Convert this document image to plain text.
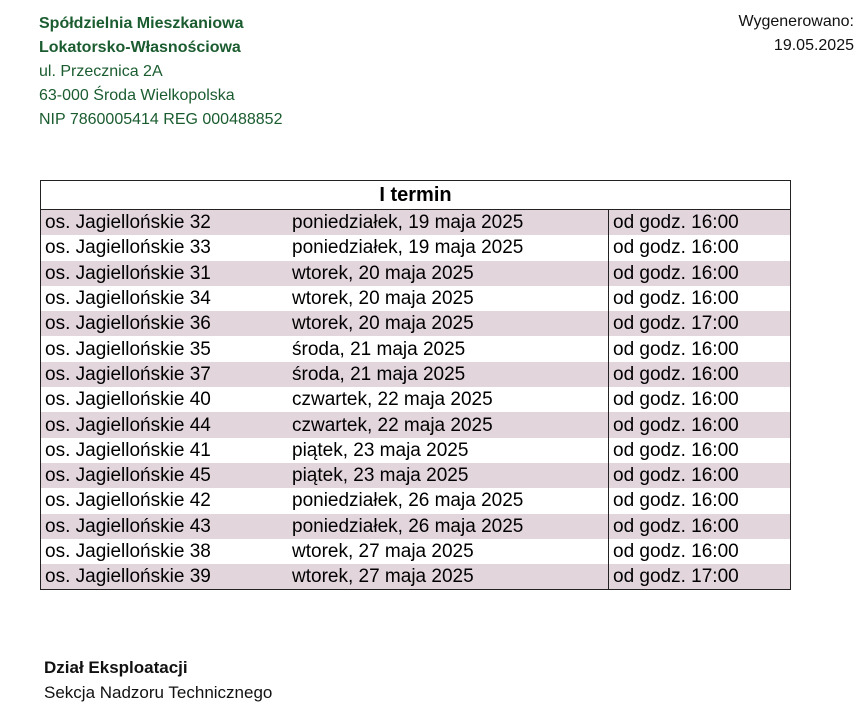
Spółdzielnia Mieszkaniowa
Lokatorsko-Własnościowa
ul. Przecznica 2A
63-000 Środa Wielkopolska
NIP 7860005414 REG 000488852
Wygenerowano:
19.05.2025
I termin		
os. Jagiellońskie 32	poniedziałek, 19 maja 2025	od godz. 16:00
os. Jagiellońskie 33	poniedziałek, 19 maja 2025	od godz. 16:00
os. Jagiellońskie 31	wtorek, 20 maja 2025	od godz. 16:00
os. Jagiellońskie 34	wtorek, 20 maja 2025	od godz. 16:00
os. Jagiellońskie 36	wtorek, 20 maja 2025	od godz. 17:00
os. Jagiellońskie 35	środa, 21 maja 2025	od godz. 16:00
os. Jagiellońskie 37	środa, 21 maja 2025	od godz. 16:00
os. Jagiellońskie 40	czwartek, 22 maja 2025	od godz. 16:00
os. Jagiellońskie 44	czwartek, 22 maja 2025	od godz. 16:00
os. Jagiellońskie 41	piątek, 23 maja 2025	od godz. 16:00
os. Jagiellońskie 45	piątek, 23 maja 2025	od godz. 16:00
os. Jagiellońskie 42	poniedziałek, 26 maja 2025	od godz. 16:00
os. Jagiellońskie 43	poniedziałek, 26 maja 2025	od godz. 16:00
os. Jagiellońskie 38	wtorek, 27 maja 2025	od godz. 16:00
os. Jagiellońskie 39	wtorek, 27 maja 2025	od godz. 17:00
Dział Eksploatacji
Sekcja Nadzoru Technicznego
